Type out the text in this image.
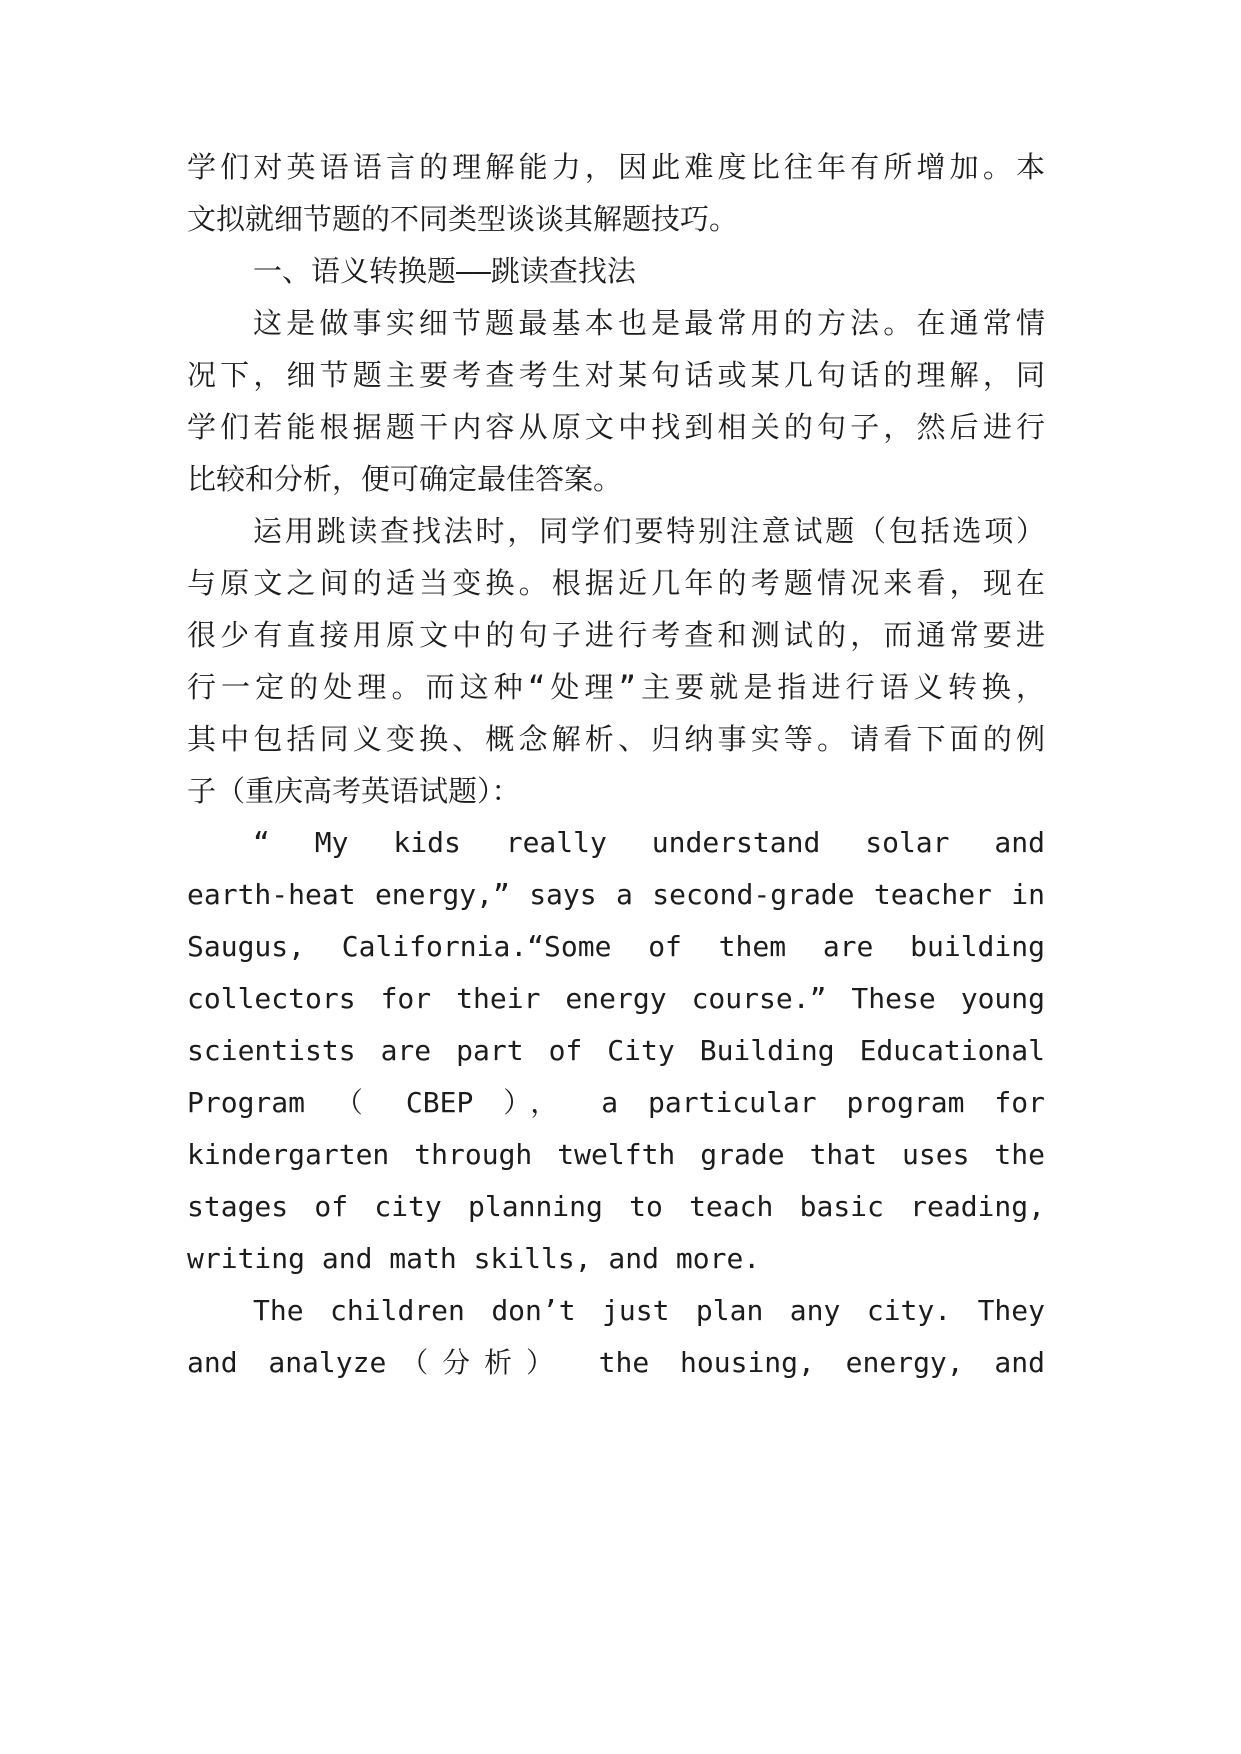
学们对英语语言的理解能力，因此难度比往年有所增加。本
文拟就细节题的不同类型谈谈其解题技巧。
一、语义转换题——跳读查找法
这是做事实细节题最基本也是最常用的方法。在通常情
况下，细节题主要考查考生对某句话或某几句话的理解，同
学们若能根据题干内容从原文中找到相关的句子，然后进行
比较和分析，便可确定最佳答案。
运用跳读查找法时，同学们要特别注意试题（包括选项）
与原文之间的适当变换。根据近几年的考题情况来看，现在
很少有直接用原文中的句子进行考查和测试的，而通常要进
行一定的处理。而这种“处理”主要就是指进行语义转换，
其中包括同义变换、概念解析、归纳事实等。请看下面的例
子（重庆高考英语试题）：
“ My kids really understand solar and
earth-heat energy,” says a second-grade teacher in
Saugus, California.“Some of them are building
collectors for their energy course.” These young
scientists are part of City Building Educational
Program （ CBEP ）， a particular program for
kindergarten through twelfth grade that uses the
stages of city planning to teach basic reading,
writing and math skills, and more.
The children don’t just plan any city. They
and analyze（分析） the housing, energy, and
